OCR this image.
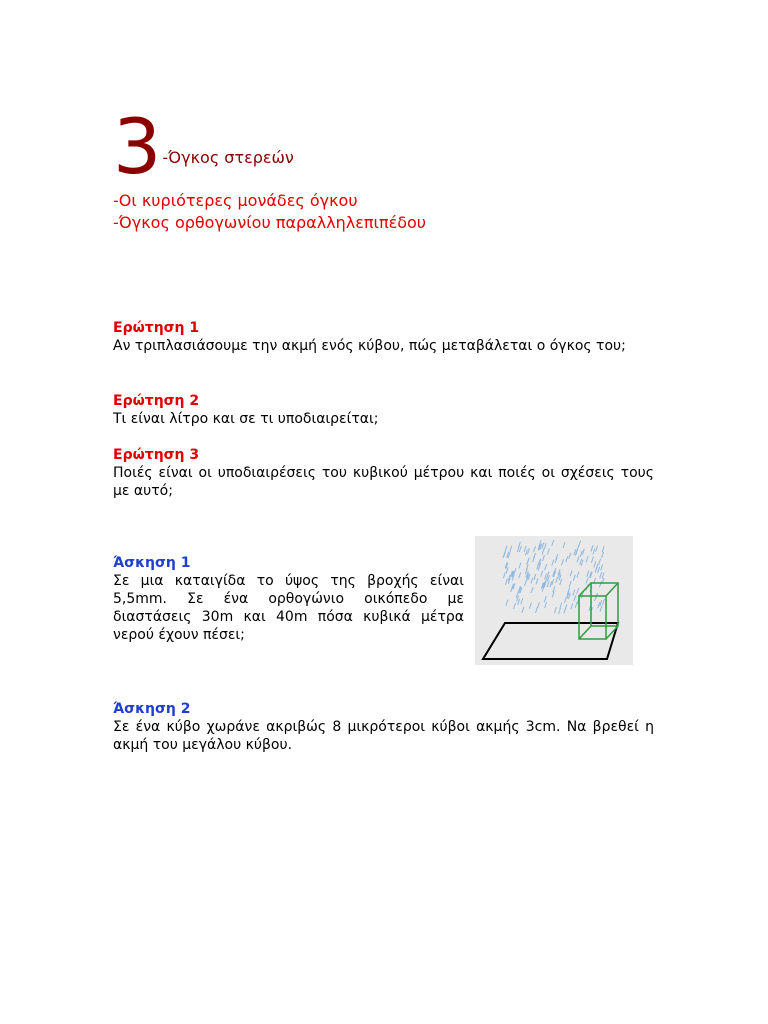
3-Όγκος στερεών
-Οι κυριότερες μονάδες όγκου
-Όγκος ορθογωνίου παραλληλεπιπέδου
Ερώτηση 1
Αν τριπλασιάσουμε την ακμή ενός κύβου, πώς μεταβάλεται ο όγκος του;
Ερώτηση 2
Τι είναι λίτρο και σε τι υποδιαιρείται;
Ερώτηση 3
Ποιές είναι οι υποδιαιρέσεις του κυβικού μέτρου και ποιές οι σχέσεις τους με αυτό;
Άσκηση 1
Σε μια καταιγίδα το ύψος της βροχής είναι 5,5mm. Σε ένα ορθογώνιο οικόπεδο με διαστάσεις 30m και 40m πόσα κυβικά μέτρα νερού έχουν πέσει;
Άσκηση 2
Σε ένα κύβο χωράνε ακριβώς 8 μικρότεροι κύβοι ακμής 3cm. Να βρεθεί η ακμή του μεγάλου κύβου.
